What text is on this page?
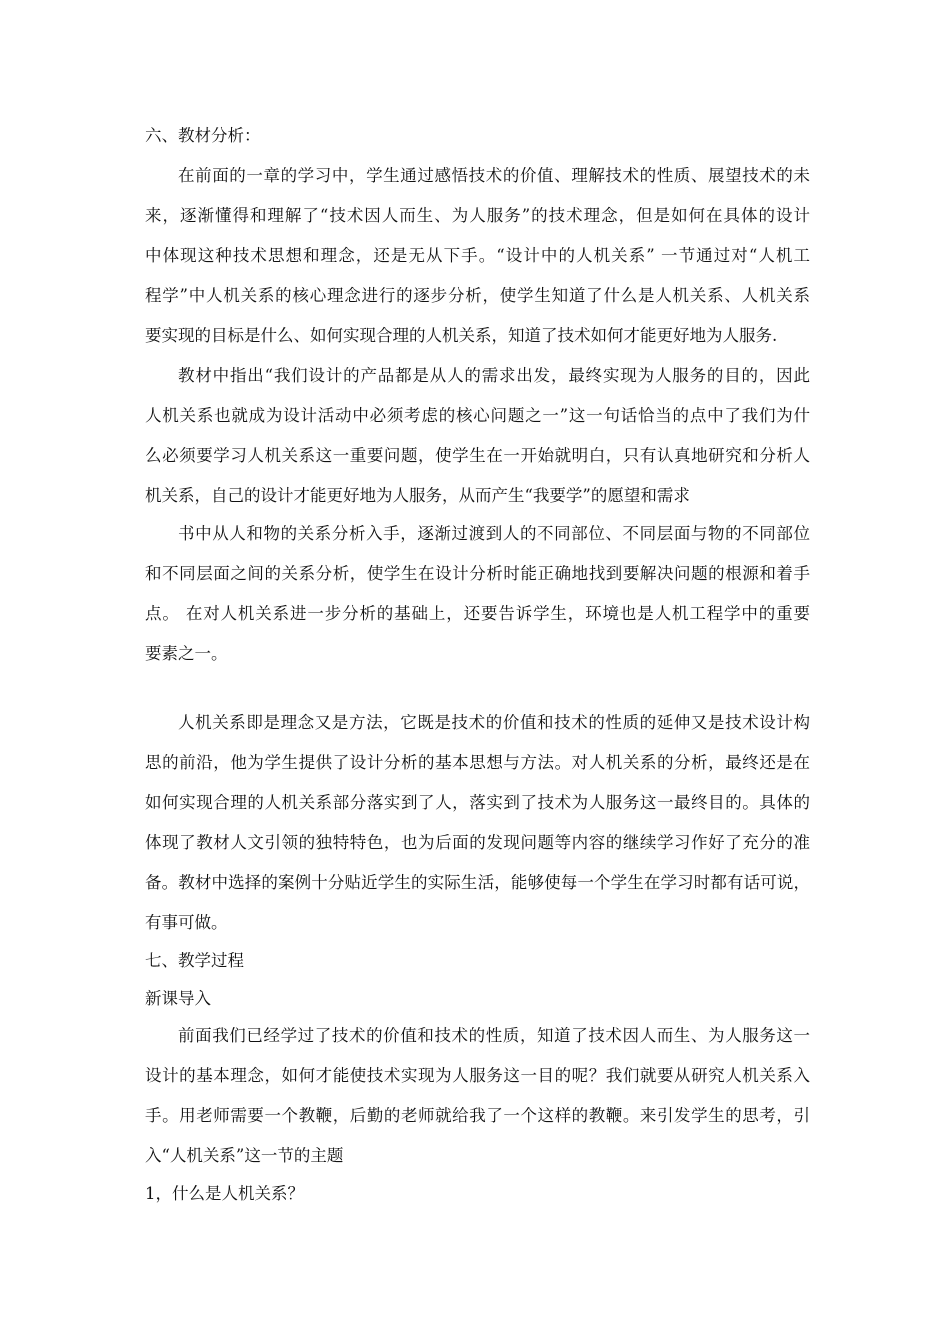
六、教材分析：
在前面的一章的学习中，学生通过感悟技术的价值、理解技术的性质、展望技术的未
来，逐渐懂得和理解了“技术因人而生、为人服务”的技术理念，但是如何在具体的设计
中体现这种技术思想和理念，还是无从下手。“设计中的人机关系” 一节通过对“人机工
程学”中人机关系的核心理念进行的逐步分析，使学生知道了什么是人机关系、人机关系
要实现的目标是什么、如何实现合理的人机关系，知道了技术如何才能更好地为人服务.
教材中指出“我们设计的产品都是从人的需求出发，最终实现为人服务的目的，因此
人机关系也就成为设计活动中必须考虑的核心问题之一”这一句话恰当的点中了我们为什
么必须要学习人机关系这一重要问题，使学生在一开始就明白，只有认真地研究和分析人
机关系，自己的设计才能更好地为人服务，从而产生“我要学”的愿望和需求
书中从人和物的关系分析入手，逐渐过渡到人的不同部位、不同层面与物的不同部位
和不同层面之间的关系分析，使学生在设计分析时能正确地找到要解决问题的根源和着手
点。 在对人机关系进一步分析的基础上，还要告诉学生，环境也是人机工程学中的重要
要素之一。
人机关系即是理念又是方法，它既是技术的价值和技术的性质的延伸又是技术设计构
思的前沿，他为学生提供了设计分析的基本思想与方法。对人机关系的分析，最终还是在
如何实现合理的人机关系部分落实到了人，落实到了技术为人服务这一最终目的。具体的
体现了教材人文引领的独特特色，也为后面的发现问题等内容的继续学习作好了充分的准
备。教材中选择的案例十分贴近学生的实际生活，能够使每一个学生在学习时都有话可说，
有事可做。
七、教学过程
新课导入
前面我们已经学过了技术的价值和技术的性质，知道了技术因人而生、为人服务这一
设计的基本理念，如何才能使技术实现为人服务这一目的呢？我们就要从研究人机关系入
手。用老师需要一个教鞭，后勤的老师就给我了一个这样的教鞭。来引发学生的思考，引
入“人机关系”这一节的主题
1，什么是人机关系？
